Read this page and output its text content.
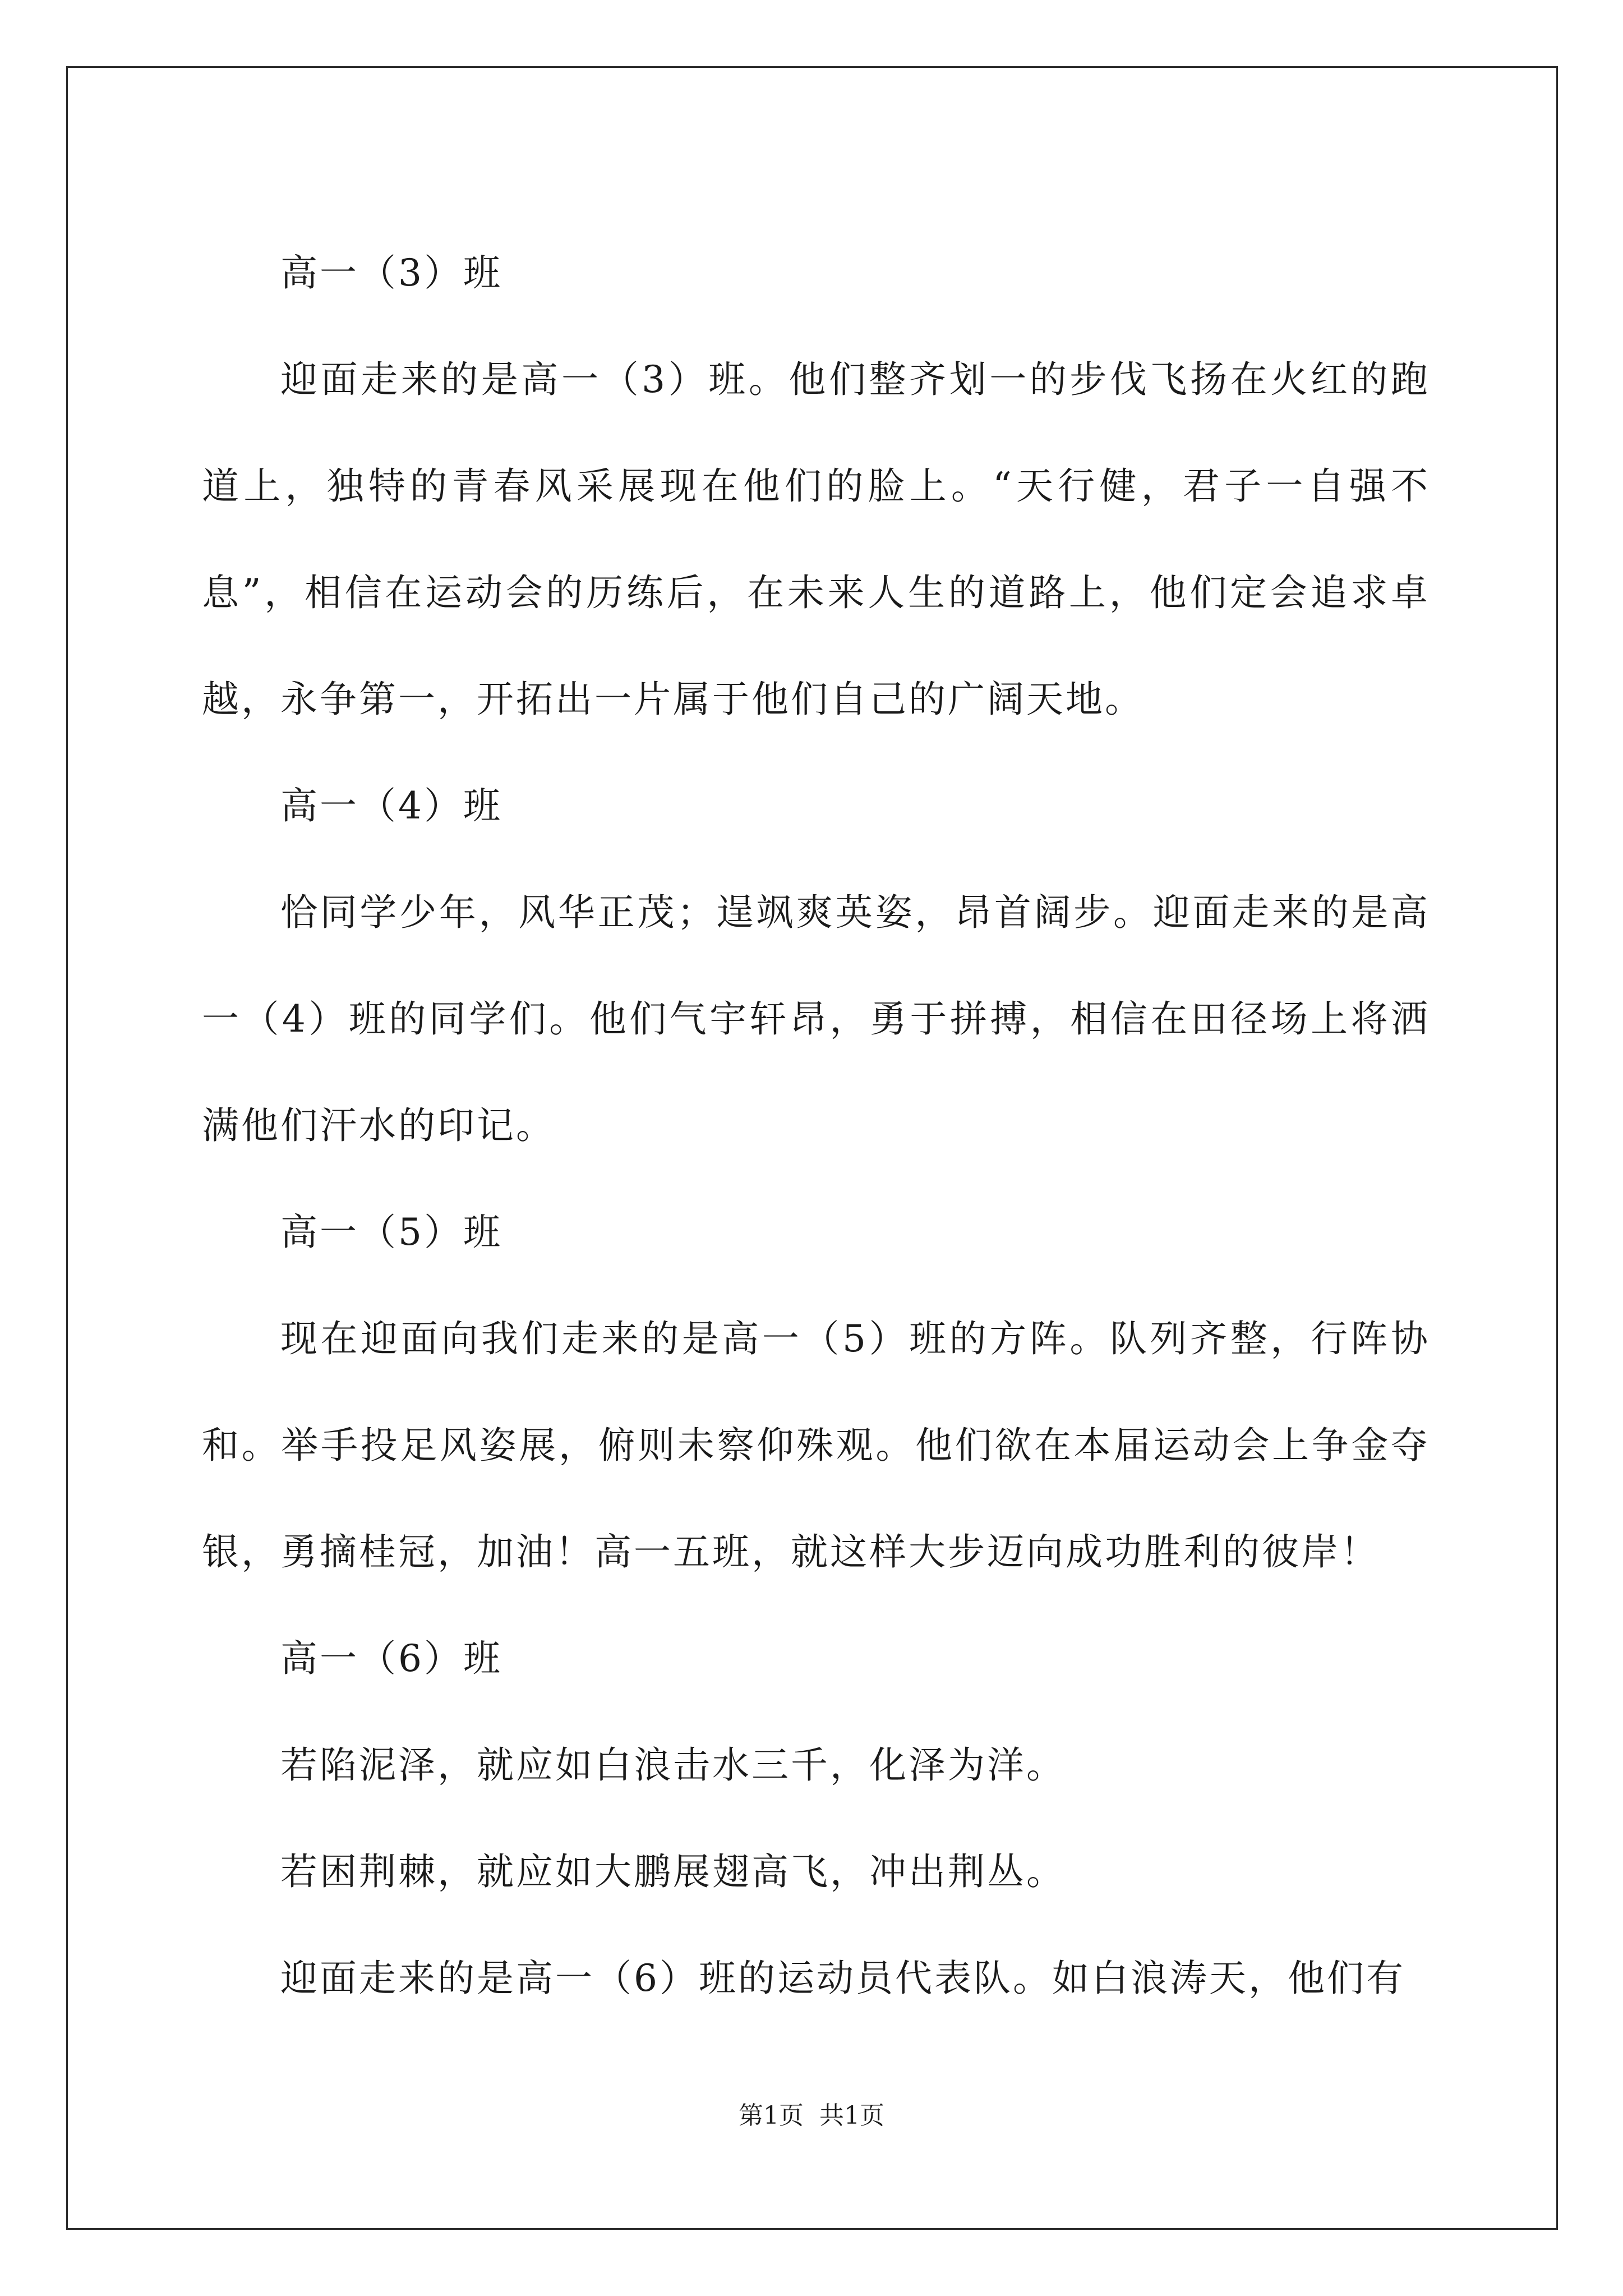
高一（3）班

迎面走来的是高一（3）班。他们整齐划一的步伐飞扬在火红的跑道上，独特的青春风采展现在他们的脸上。“天行健，君子一自强不息”，相信在运动会的历练后，在未来人生的道路上，他们定会追求卓越，永争第一，开拓出一片属于他们自己的广阔天地。

高一（4）班

恰同学少年，风华正茂；逞飒爽英姿，昂首阔步。迎面走来的是高一（4）班的同学们。他们气宇轩昂，勇于拼搏，相信在田径场上将洒满他们汗水的印记。

高一（5）班

现在迎面向我们走来的是高一（5）班的方阵。队列齐整，行阵协和。举手投足风姿展，俯则未察仰殊观。他们欲在本届运动会上争金夺银，勇摘桂冠，加油！高一五班，就这样大步迈向成功胜利的彼岸！

高一（6）班

若陷泥泽，就应如白浪击水三千，化泽为洋。

若困荆棘，就应如大鹏展翅高飞，冲出荆丛。

迎面走来的是高一（6）班的运动员代表队。如白浪涛天，他们有

第1页 共1页
